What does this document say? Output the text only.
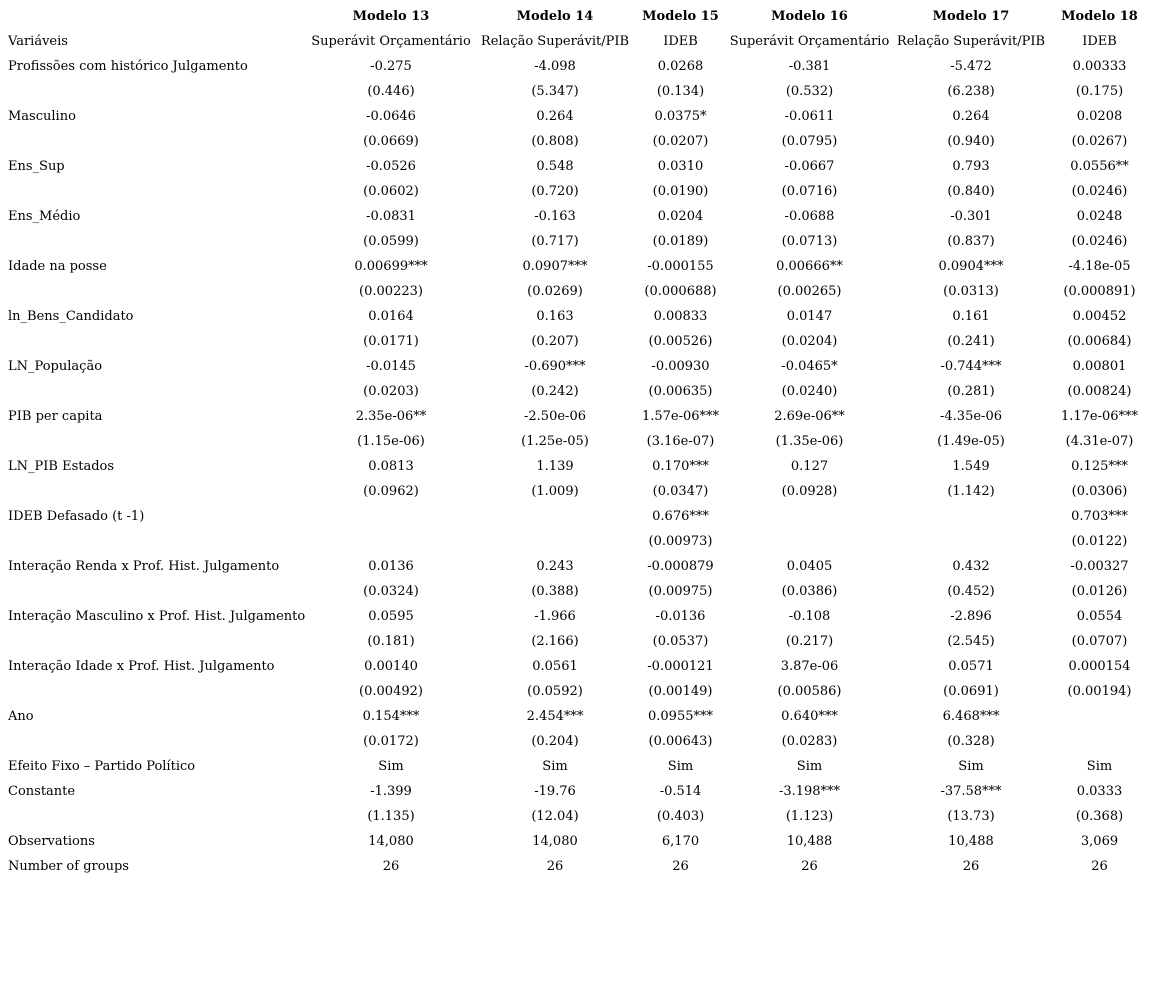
	Modelo 13	Modelo 14	Modelo 15	Modelo 16	Modelo 17	Modelo 18
Variáveis	Superávit Orçamentário	Relação Superávit/PIB	IDEB	Superávit Orçamentário	Relação Superávit/PIB	IDEB
Profissões com histórico Julgamento	-0.275	-4.098	0.0268	-0.381	-5.472	0.00333
	(0.446)	(5.347)	(0.134)	(0.532)	(6.238)	(0.175)
Masculino	-0.0646	0.264	0.0375*	-0.0611	0.264	0.0208
	(0.0669)	(0.808)	(0.0207)	(0.0795)	(0.940)	(0.0267)
Ens_Sup	-0.0526	0.548	0.0310	-0.0667	0.793	0.0556**
	(0.0602)	(0.720)	(0.0190)	(0.0716)	(0.840)	(0.0246)
Ens_Médio	-0.0831	-0.163	0.0204	-0.0688	-0.301	0.0248
	(0.0599)	(0.717)	(0.0189)	(0.0713)	(0.837)	(0.0246)
Idade na posse	0.00699***	0.0907***	-0.000155	0.00666**	0.0904***	-4.18e-05
	(0.00223)	(0.0269)	(0.000688)	(0.00265)	(0.0313)	(0.000891)
ln_Bens_Candidato	0.0164	0.163	0.00833	0.0147	0.161	0.00452
	(0.0171)	(0.207)	(0.00526)	(0.0204)	(0.241)	(0.00684)
LN_População	-0.0145	-0.690***	-0.00930	-0.0465*	-0.744***	0.00801
	(0.0203)	(0.242)	(0.00635)	(0.0240)	(0.281)	(0.00824)
PIB per capita	2.35e-06**	-2.50e-06	1.57e-06***	2.69e-06**	-4.35e-06	1.17e-06***
	(1.15e-06)	(1.25e-05)	(3.16e-07)	(1.35e-06)	(1.49e-05)	(4.31e-07)
LN_PIB Estados	0.0813	1.139	0.170***	0.127	1.549	0.125***
	(0.0962)	(1.009)	(0.0347)	(0.0928)	(1.142)	(0.0306)
IDEB Defasado (t -1)			0.676***			0.703***
			(0.00973)			(0.0122)
Interação Renda x Prof. Hist. Julgamento	0.0136	0.243	-0.000879	0.0405	0.432	-0.00327
	(0.0324)	(0.388)	(0.00975)	(0.0386)	(0.452)	(0.0126)
Interação Masculino x Prof. Hist. Julgamento	0.0595	-1.966	-0.0136	-0.108	-2.896	0.0554
	(0.181)	(2.166)	(0.0537)	(0.217)	(2.545)	(0.0707)
Interação Idade x Prof. Hist. Julgamento	0.00140	0.0561	-0.000121	3.87e-06	0.0571	0.000154
	(0.00492)	(0.0592)	(0.00149)	(0.00586)	(0.0691)	(0.00194)
Ano	0.154***	2.454***	0.0955***	0.640***	6.468***	
	(0.0172)	(0.204)	(0.00643)	(0.0283)	(0.328)	
Efeito Fixo – Partido Político	Sim	Sim	Sim	Sim	Sim	Sim
Constante	-1.399	-19.76	-0.514	-3.198***	-37.58***	0.0333
	(1.135)	(12.04)	(0.403)	(1.123)	(13.73)	(0.368)
Observations	14,080	14,080	6,170	10,488	10,488	3,069
Number of groups	26	26	26	26	26	26
